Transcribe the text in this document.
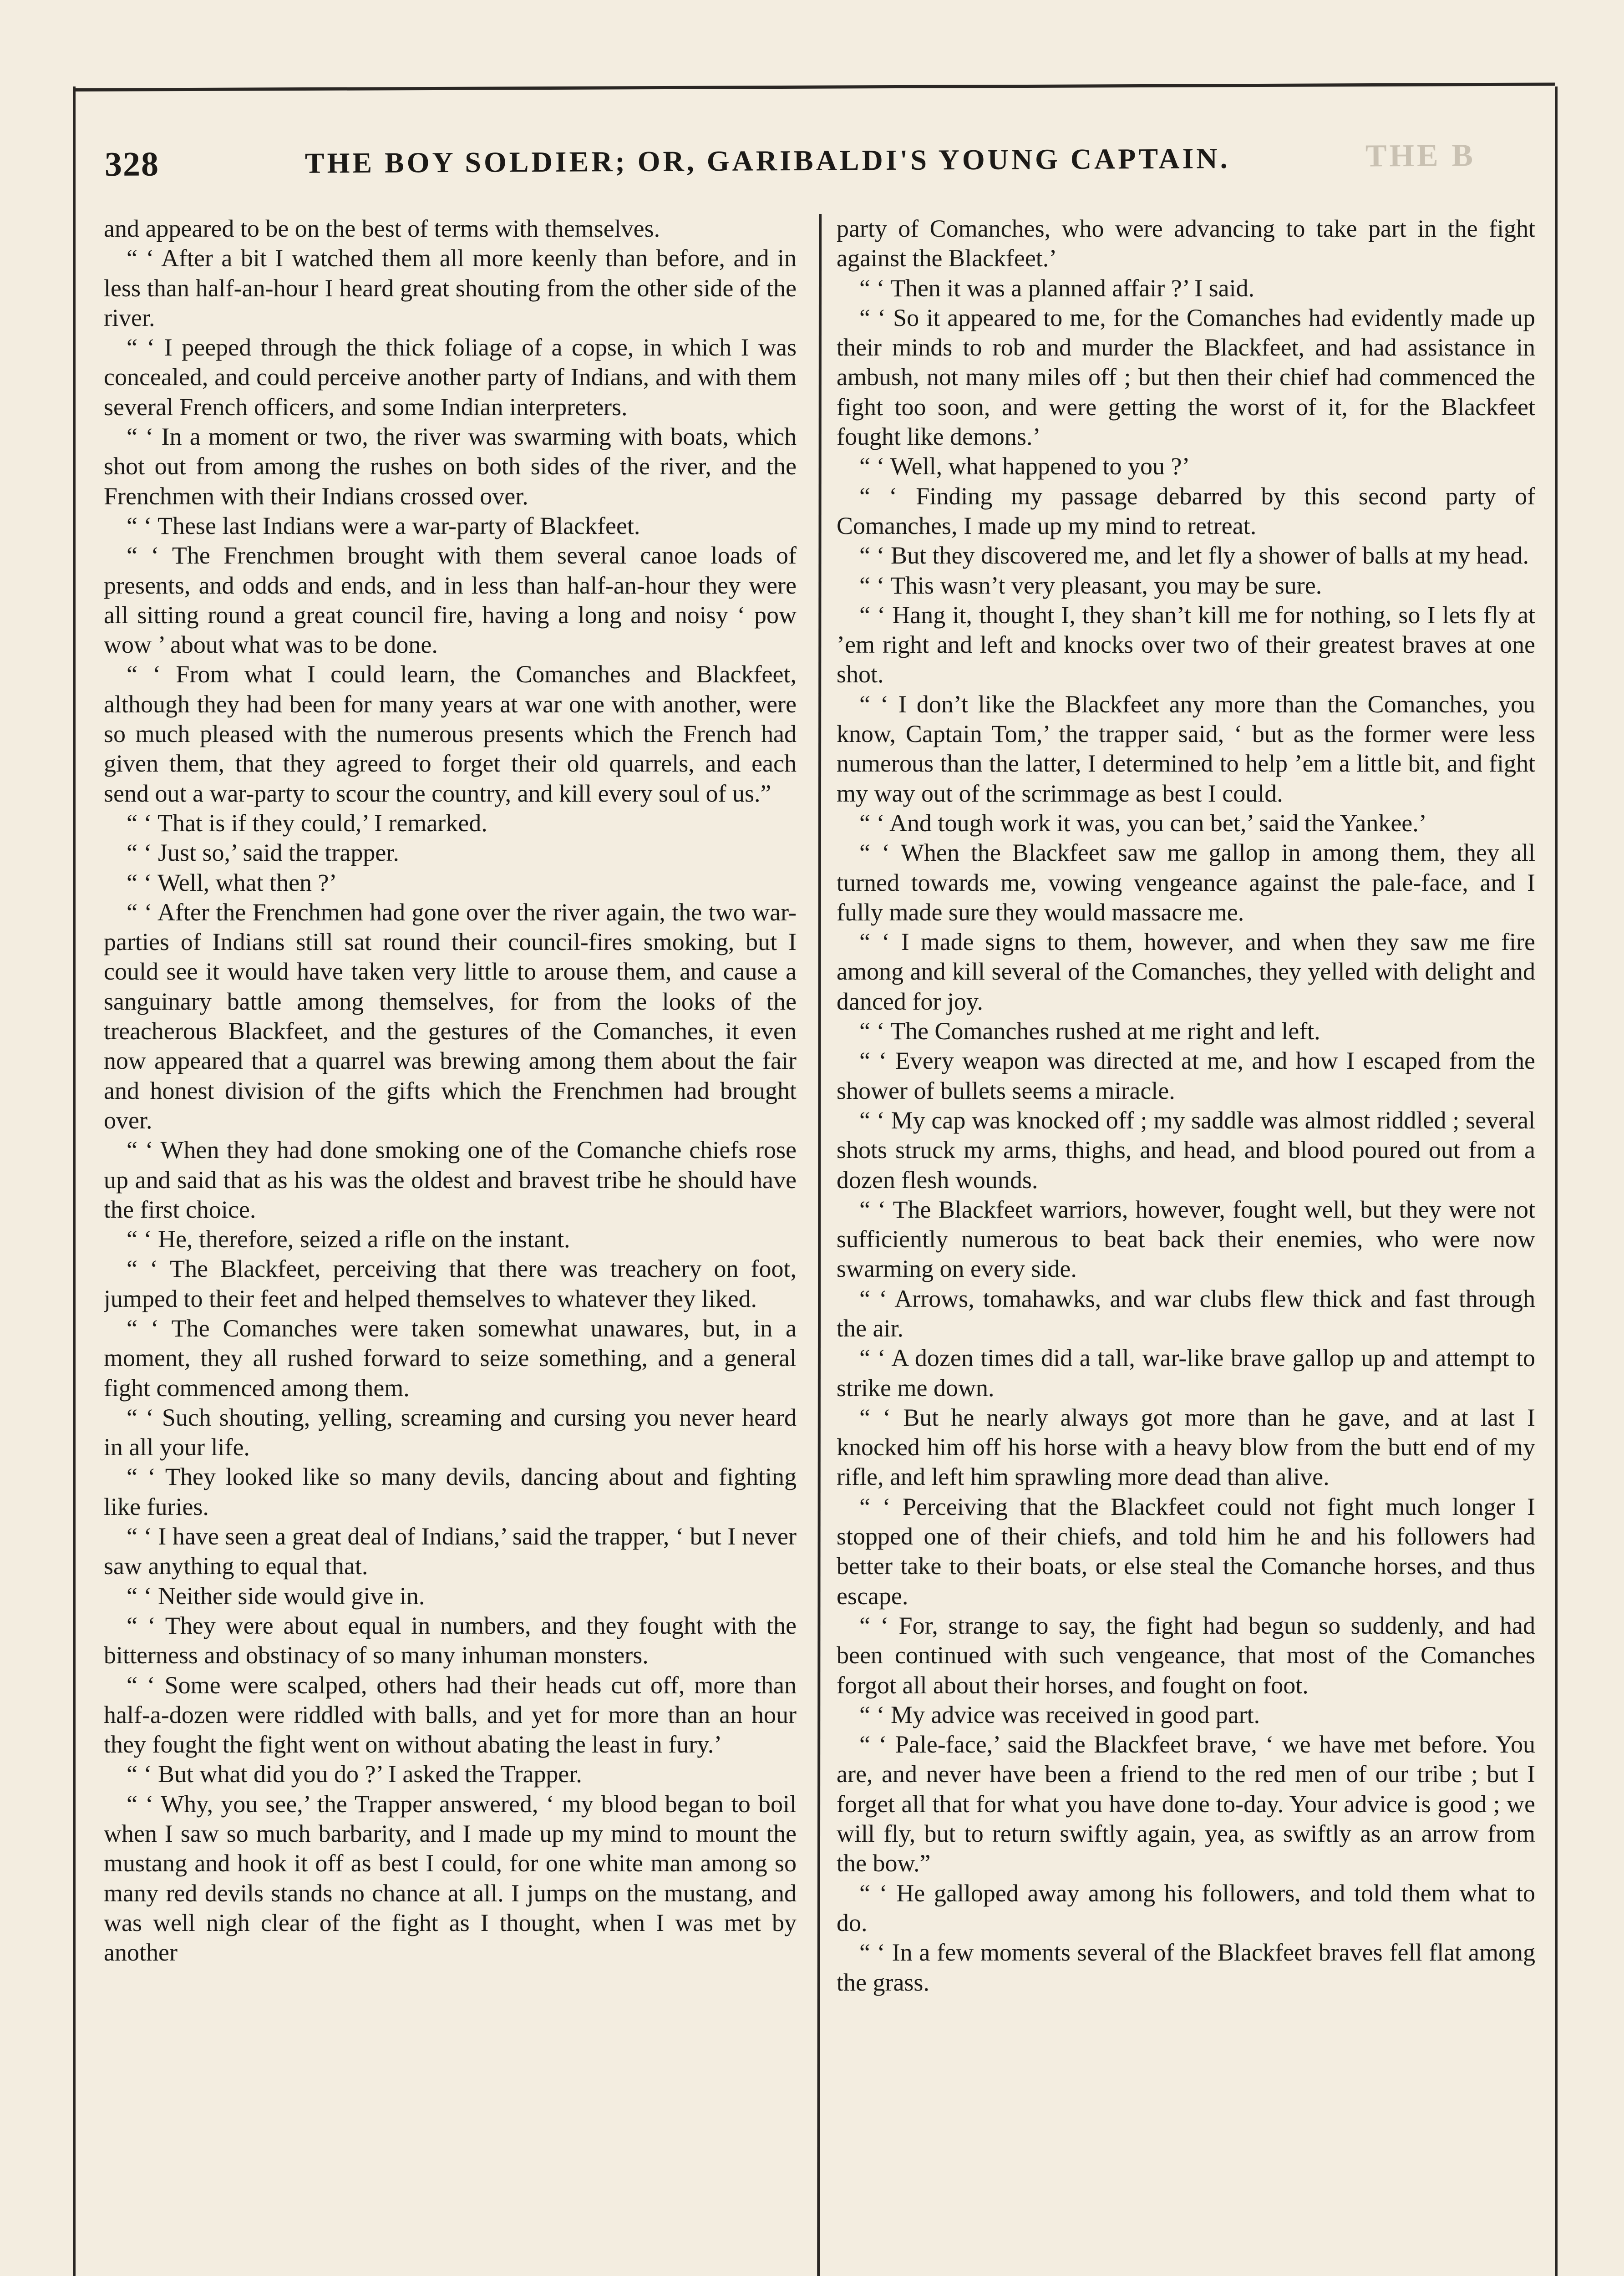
328	THE BOY SOLDIER; OR, GARIBALDI'S YOUNG CAPTAIN.	THE B

and appeared to be on the best of terms with themselves.

“ ‘ After a bit I watched them all more keenly than before, and in less than half-an-hour I heard great shouting from the other side of the river.

“ ‘ I peeped through the thick foliage of a copse, in which I was concealed, and could perceive another party of Indians, and with them several French officers, and some Indian interpreters.

“ ‘ In a moment or two, the river was swarming with boats, which shot out from among the rushes on both sides of the river, and the Frenchmen with their Indians crossed over.

“ ‘ These last Indians were a war-party of Blackfeet.

“ ‘ The Frenchmen brought with them several canoe loads of presents, and odds and ends, and in less than half-an-hour they were all sitting round a great council fire, having a long and noisy ‘ pow wow ’ about what was to be done.

“ ‘ From what I could learn, the Comanches and Blackfeet, although they had been for many years at war one with another, were so much pleased with the numerous presents which the French had given them, that they agreed to forget their old quarrels, and each send out a war-party to scour the country, and kill every soul of us.”

“ ‘ That is if they could,’ I remarked.

“ ‘ Just so,’ said the trapper.

“ ‘ Well, what then ?’

“ ‘ After the Frenchmen had gone over the river again, the two war-parties of Indians still sat round their council-fires smoking, but I could see it would have taken very little to arouse them, and cause a sanguinary battle among themselves, for from the looks of the treacherous Blackfeet, and the gestures of the Comanches, it even now appeared that a quarrel was brewing among them about the fair and honest division of the gifts which the Frenchmen had brought over.

“ ‘ When they had done smoking one of the Comanche chiefs rose up and said that as his was the oldest and bravest tribe he should have the first choice.

“ ‘ He, therefore, seized a rifle on the instant.

“ ‘ The Blackfeet, perceiving that there was treachery on foot, jumped to their feet and helped themselves to whatever they liked.

“ ‘ The Comanches were taken somewhat unawares, but, in a moment, they all rushed forward to seize something, and a general fight commenced among them.

“ ‘ Such shouting, yelling, screaming and cursing you never heard in all your life.

“ ‘ They looked like so many devils, dancing about and fighting like furies.

“ ‘ I have seen a great deal of Indians,’ said the trapper, ‘ but I never saw anything to equal that.

“ ‘ Neither side would give in.

“ ‘ They were about equal in numbers, and they fought with the bitterness and obstinacy of so many inhuman monsters.

“ ‘ Some were scalped, others had their heads cut off, more than half-a-dozen were riddled with balls, and yet for more than an hour they fought the fight went on without abating the least in fury.’

“ ‘ But what did you do ?’ I asked the Trapper.

“ ‘ Why, you see,’ the Trapper answered, ‘ my blood began to boil when I saw so much barbarity, and I made up my mind to mount the mustang and hook it off as best I could, for one white man among so many red devils stands no chance at all. I jumps on the mustang, and was well nigh clear of the fight as I thought, when I was met by another

party of Comanches, who were advancing to take part in the fight against the Blackfeet.’

“ ‘ Then it was a planned affair ?’ I said.

“ ‘ So it appeared to me, for the Comanches had evidently made up their minds to rob and murder the Blackfeet, and had assistance in ambush, not many miles off ; but then their chief had commenced the fight too soon, and were getting the worst of it, for the Blackfeet fought like demons.’

“ ‘ Well, what happened to you ?’

“ ‘ Finding my passage debarred by this second party of Comanches, I made up my mind to retreat.

“ ‘ But they discovered me, and let fly a shower of balls at my head.

“ ‘ This wasn’t very pleasant, you may be sure.

“ ‘ Hang it, thought I, they shan’t kill me for nothing, so I lets fly at ’em right and left and knocks over two of their greatest braves at one shot.

“ ‘ I don’t like the Blackfeet any more than the Comanches, you know, Captain Tom,’ the trapper said, ‘ but as the former were less numerous than the latter, I determined to help ’em a little bit, and fight my way out of the scrimmage as best I could.

“ ‘ And tough work it was, you can bet,’ said the Yankee.’

“ ‘ When the Blackfeet saw me gallop in among them, they all turned towards me, vowing vengeance against the pale-face, and I fully made sure they would massacre me.

“ ‘ I made signs to them, however, and when they saw me fire among and kill several of the Comanches, they yelled with delight and danced for joy.

“ ‘ The Comanches rushed at me right and left.

“ ‘ Every weapon was directed at me, and how I escaped from the shower of bullets seems a miracle.

“ ‘ My cap was knocked off ; my saddle was almost riddled ; several shots struck my arms, thighs, and head, and blood poured out from a dozen flesh wounds.

“ ‘ The Blackfeet warriors, however, fought well, but they were not sufficiently numerous to beat back their enemies, who were now swarming on every side.

“ ‘ Arrows, tomahawks, and war clubs flew thick and fast through the air.

“ ‘ A dozen times did a tall, war-like brave gallop up and attempt to strike me down.

“ ‘ But he nearly always got more than he gave, and at last I knocked him off his horse with a heavy blow from the butt end of my rifle, and left him sprawling more dead than alive.

“ ‘ Perceiving that the Blackfeet could not fight much longer I stopped one of their chiefs, and told him he and his followers had better take to their boats, or else steal the Comanche horses, and thus escape.

“ ‘ For, strange to say, the fight had begun so suddenly, and had been continued with such vengeance, that most of the Comanches forgot all about their horses, and fought on foot.

“ ‘ My advice was received in good part.

“ ‘ Pale-face,’ said the Blackfeet brave, ‘ we have met before. You are, and never have been a friend to the red men of our tribe ; but I forget all that for what you have done to-day. Your advice is good ; we will fly, but to return swiftly again, yea, as swiftly as an arrow from the bow.”

“ ‘ He galloped away among his followers, and told them what to do.

“ ‘ In a few moments several of the Blackfeet braves fell flat among the grass.
